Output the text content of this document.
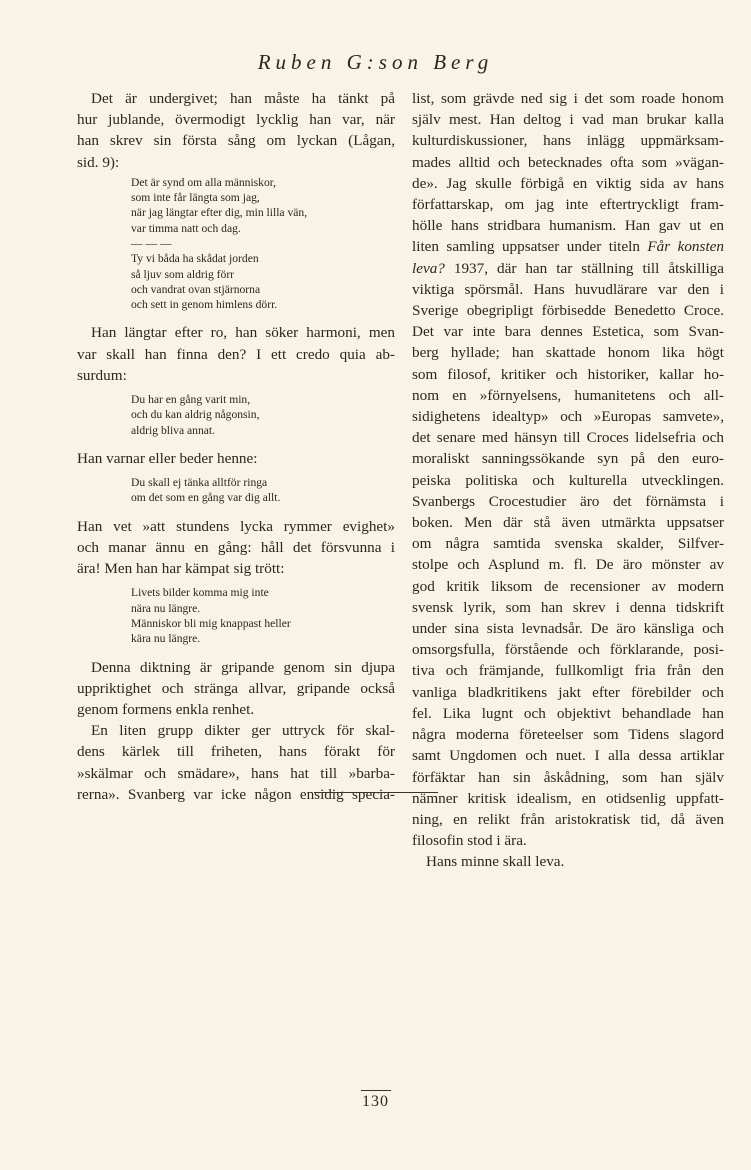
Ruben G:son Berg
Det är undergivet; han måste ha tänkt på
hur jublande, övermodigt lycklig han var, när
han skrev sin första sång om lyckan (Lågan,
sid. 9):
Det är synd om alla människor,
som inte får längta som jag,
när jag längtar efter dig, min lilla vän,
var timma natt och dag.
— — —
Ty vi båda ha skådat jorden
så ljuv som aldrig förr
och vandrat ovan stjärnorna
och sett in genom himlens dörr.
Han längtar efter ro, han söker harmoni, men
var skall han finna den? I ett credo quia ab-
surdum:
Du har en gång varit min,
och du kan aldrig någonsin,
aldrig bliva annat.
Han varnar eller beder henne:
Du skall ej tänka alltför ringa
om det som en gång var dig allt.
Han vet »att stundens lycka rymmer evighet»
och manar ännu en gång: håll det försvunna i
ära! Men han har kämpat sig trött:
Livets bilder komma mig inte
nära nu längre.
Människor bli mig knappast heller
kära nu längre.
Denna diktning är gripande genom sin djupa
uppriktighet och stränga allvar, gripande också
genom formens enkla renhet.
En liten grupp dikter ger uttryck för skal-
dens kärlek till friheten, hans förakt för
»skälmar och smädare», hans hat till »barba-
rerna». Svanberg var icke någon ensidig specia-
list, som grävde ned sig i det som roade honom
själv mest. Han deltog i vad man brukar kalla
kulturdiskussioner, hans inlägg uppmärksam-
mades alltid och betecknades ofta som »vägan-
de». Jag skulle förbigå en viktig sida av hans
författarskap, om jag inte eftertryckligt fram-
hölle hans stridbara humanism. Han gav ut en
liten samling uppsatser under titeln Får konsten
leva? 1937, där han tar ställning till åtskilliga
viktiga spörsmål. Hans huvudlärare var den i
Sverige obegripligt förbisedde Benedetto Croce.
Det var inte bara dennes Estetica, som Svan-
berg hyllade; han skattade honom lika högt
som filosof, kritiker och historiker, kallar ho-
nom en »förnyelsens, humanitetens och all-
sidighetens idealtyp» och »Europas samvete»,
det senare med hänsyn till Croces lidelsefria och
moraliskt sanningssökande syn på den euro-
peiska politiska och kulturella utvecklingen.
Svanbergs Crocestudier äro det förnämsta i
boken. Men där stå även utmärkta uppsatser
om några samtida svenska skalder, Silfver-
stolpe och Asplund m. fl. De äro mönster av
god kritik liksom de recensioner av modern
svensk lyrik, som han skrev i denna tidskrift
under sina sista levnadsår. De äro känsliga och
omsorgsfulla, förstående och förklarande, posi-
tiva och främjande, fullkomligt fria från den
vanliga bladkritikens jakt efter förebilder och
fel. Lika lugnt och objektivt behandlade han
några moderna företeelser som Tidens slagord
samt Ungdomen och nuet. I alla dessa artiklar
förfäktar han sin åskådning, som han själv
nämner kritisk idealism, en otidsenlig uppfatt-
ning, en relikt från aristokratisk tid, då även
filosofin stod i ära.
Hans minne skall leva.
130
